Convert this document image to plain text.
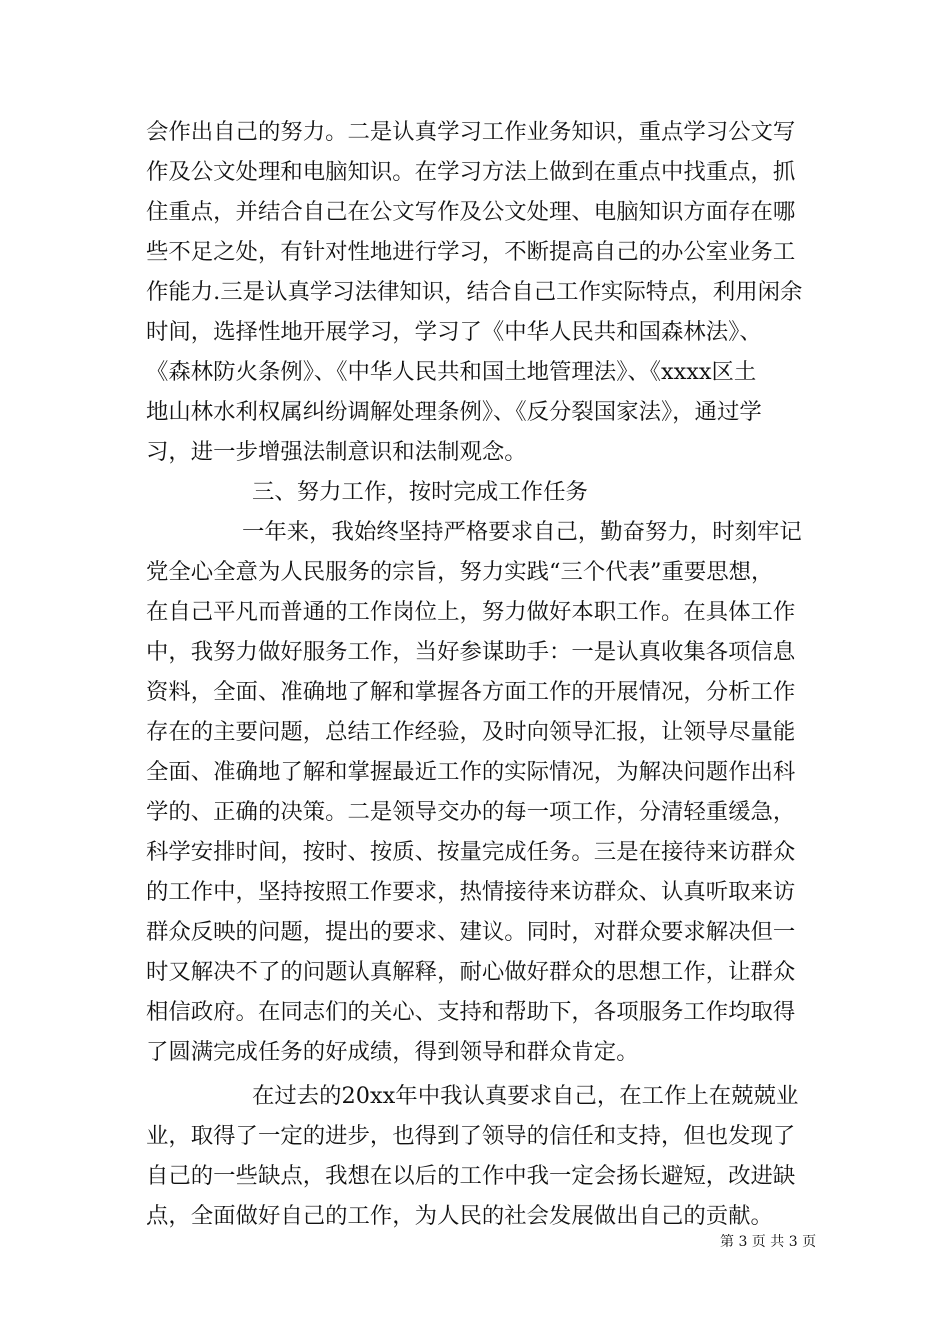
会作出自己的努力。二是认真学习工作业务知识，重点学习公文写
作及公文处理和电脑知识。在学习方法上做到在重点中找重点，抓
住重点，并结合自己在公文写作及公文处理、电脑知识方面存在哪
些不足之处，有针对性地进行学习，不断提高自己的办公室业务工
作能力.三是认真学习法律知识，结合自己工作实际特点，利用闲余
时间，选择性地开展学习，学习了《中华人民共和国森林法》、
《森林防火条例》、《中华人民共和国土地管理法》、《xxxx区土
地山林水利权属纠纷调解处理条例》、《反分裂国家法》，通过学
习，进一步增强法制意识和法制观念。
三、努力工作，按时完成工作任务
一年来，我始终坚持严格要求自己，勤奋努力，时刻牢记
党全心全意为人民服务的宗旨，努力实践“三个代表”重要思想，
在自己平凡而普通的工作岗位上，努力做好本职工作。在具体工作
中，我努力做好服务工作，当好参谋助手：一是认真收集各项信息
资料，全面、准确地了解和掌握各方面工作的开展情况，分析工作
存在的主要问题，总结工作经验，及时向领导汇报，让领导尽量能
全面、准确地了解和掌握最近工作的实际情况，为解决问题作出科
学的、正确的决策。二是领导交办的每一项工作，分清轻重缓急，
科学安排时间，按时、按质、按量完成任务。三是在接待来访群众
的工作中，坚持按照工作要求，热情接待来访群众、认真听取来访
群众反映的问题，提出的要求、建议。同时，对群众要求解决但一
时又解决不了的问题认真解释，耐心做好群众的思想工作，让群众
相信政府。在同志们的关心、支持和帮助下，各项服务工作均取得
了圆满完成任务的好成绩，得到领导和群众肯定。
在过去的20xx年中我认真要求自己，在工作上在兢兢业
业，取得了一定的进步，也得到了领导的信任和支持，但也发现了
自己的一些缺点，我想在以后的工作中我一定会扬长避短，改进缺
点，全面做好自己的工作，为人民的社会发展做出自己的贡献。
第 3 页 共 3 页
